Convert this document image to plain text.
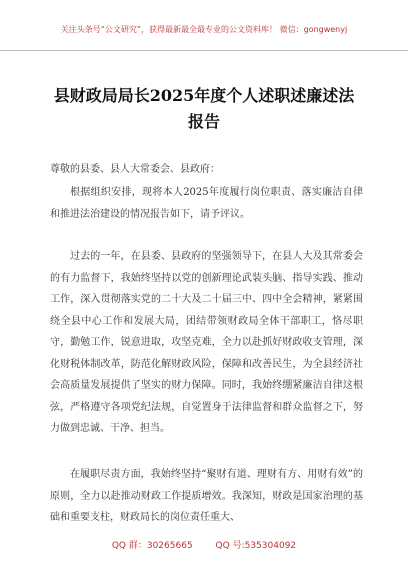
关注头条号“公文研究”，获得最新最全最专业的公文资料库！ 微信：gongwenyj
县财政局局长2025年度个人述职述廉述法报告
尊敬的县委、县人大常委会、县政府：

根据组织安排，现将本人2025年度履行岗位职责、落实廉洁自律和推进法治建设的情况报告如下，请予评议。

过去的一年，在县委、县政府的坚强领导下，在县人大及其常委会的有力监督下，我始终坚持以党的创新理论武装头脑、指导实践、推动工作，深入贯彻落实党的二十大及二十届三中、四中全会精神，紧紧围绕全县中心工作和发展大局，团结带领财政局全体干部职工，恪尽职守，勤勉工作，锐意进取，攻坚克难，全力以赴抓好财政收支管理，深化财税体制改革，防范化解财政风险，保障和改善民生，为全县经济社会高质量发展提供了坚实的财力保障。同时，我始终绷紧廉洁自律这根弦，严格遵守各项党纪法规，自觉置身于法律监督和群众监督之下，努力做到忠诚、干净、担当。

在履职尽责方面，我始终坚持“聚财有道、理财有方、用财有效”的原则，全力以赴推动财政工作提质增效。我深知，财政是国家治理的基础和重要支柱，财政局长的岗位责任重大、

QQ 群：30265665	QQ 号:535304092
